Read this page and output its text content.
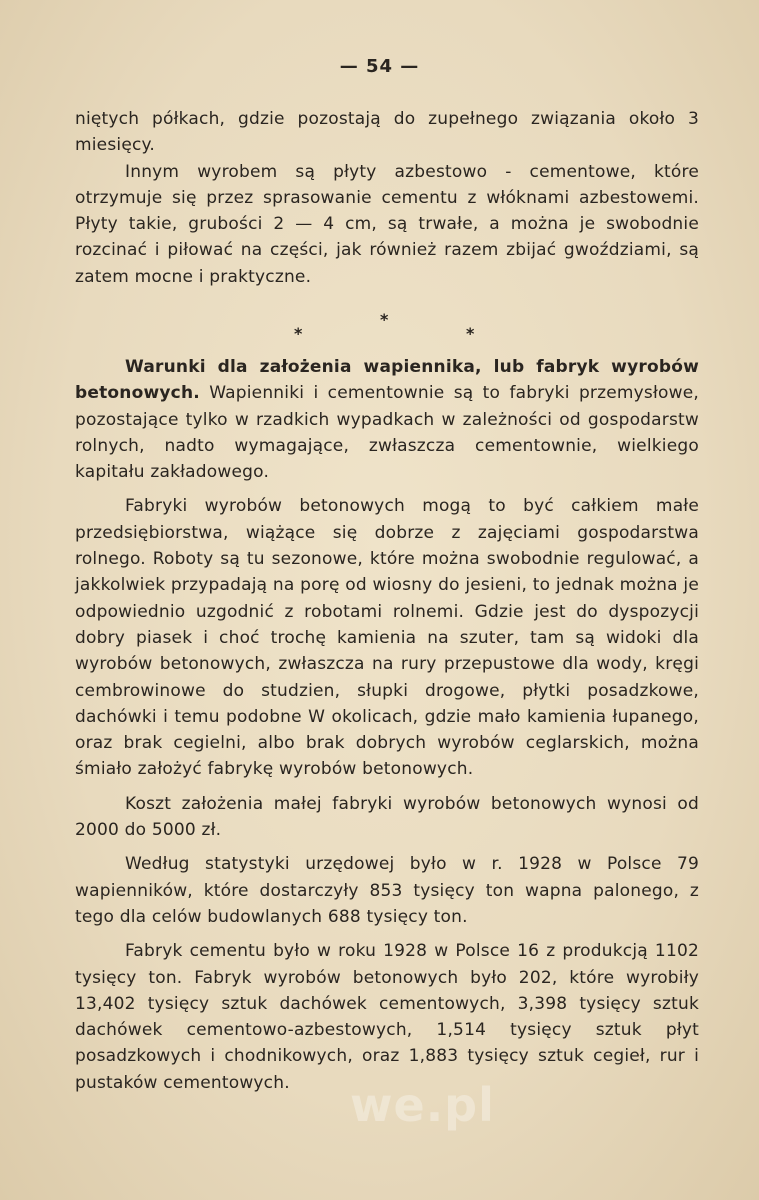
— 54 —

niętych półkach, gdzie pozostają do zupełnego związania około 3 miesięcy.

Innym wyrobem są płyty azbestowo - cementowe, które otrzymuje się przez sprasowanie cementu z włóknami azbestowemi. Płyty takie, grubości 2 — 4 cm, są trwałe, a można je swobodnie rozcinać i piłować na części, jak również razem zbijać gwoździami, są zatem mocne i praktyczne.

*
*	*

Warunki dla założenia wapiennika, lub fabryk wyrobów betonowych. Wapienniki i cementownie są to fabryki przemysłowe, pozostające tylko w rzadkich wypadkach w zależności od gospodarstw rolnych, nadto wymagające, zwłaszcza cementownie, wielkiego kapitału zakładowego.

Fabryki wyrobów betonowych mogą to być całkiem małe przedsiębiorstwa, wiążące się dobrze z zajęciami gospodarstwa rolnego. Roboty są tu sezonowe, które można swobodnie regulować, a jakkolwiek przypadają na porę od wiosny do jesieni, to jednak można je odpowiednio uzgodnić z robotami rolnemi. Gdzie jest do dyspozycji dobry piasek i choć trochę kamienia na szuter, tam są widoki dla wyrobów betonowych, zwłaszcza na rury przepustowe dla wody, kręgi cembrowinowe do studzien, słupki drogowe, płytki posadzkowe, dachówki i temu podobne W okolicach, gdzie mało kamienia łupanego, oraz brak cegielni, albo brak dobrych wyrobów ceglarskich, można śmiało założyć fabrykę wyrobów betonowych.

Koszt założenia małej fabryki wyrobów betonowych wynosi od 2000 do 5000 zł.

Według statystyki urzędowej było w r. 1928 w Polsce 79 wapienników, które dostarczyły 853 tysięcy ton wapna palonego, z tego dla celów budowlanych 688 tysięcy ton.

Fabryk cementu było w roku 1928 w Polsce 16 z produkcją 1102 tysięcy ton. Fabryk wyrobów betonowych było 202, które wyrobiły 13,402 tysięcy sztuk dachówek cementowych, 3,398 tysięcy sztuk dachówek cementowo-azbestowych, 1,514 tysięcy sztuk płyt posadzkowych i chodnikowych, oraz 1,883 tysięcy sztuk cegieł, rur i pustaków cementowych.	we.pl
